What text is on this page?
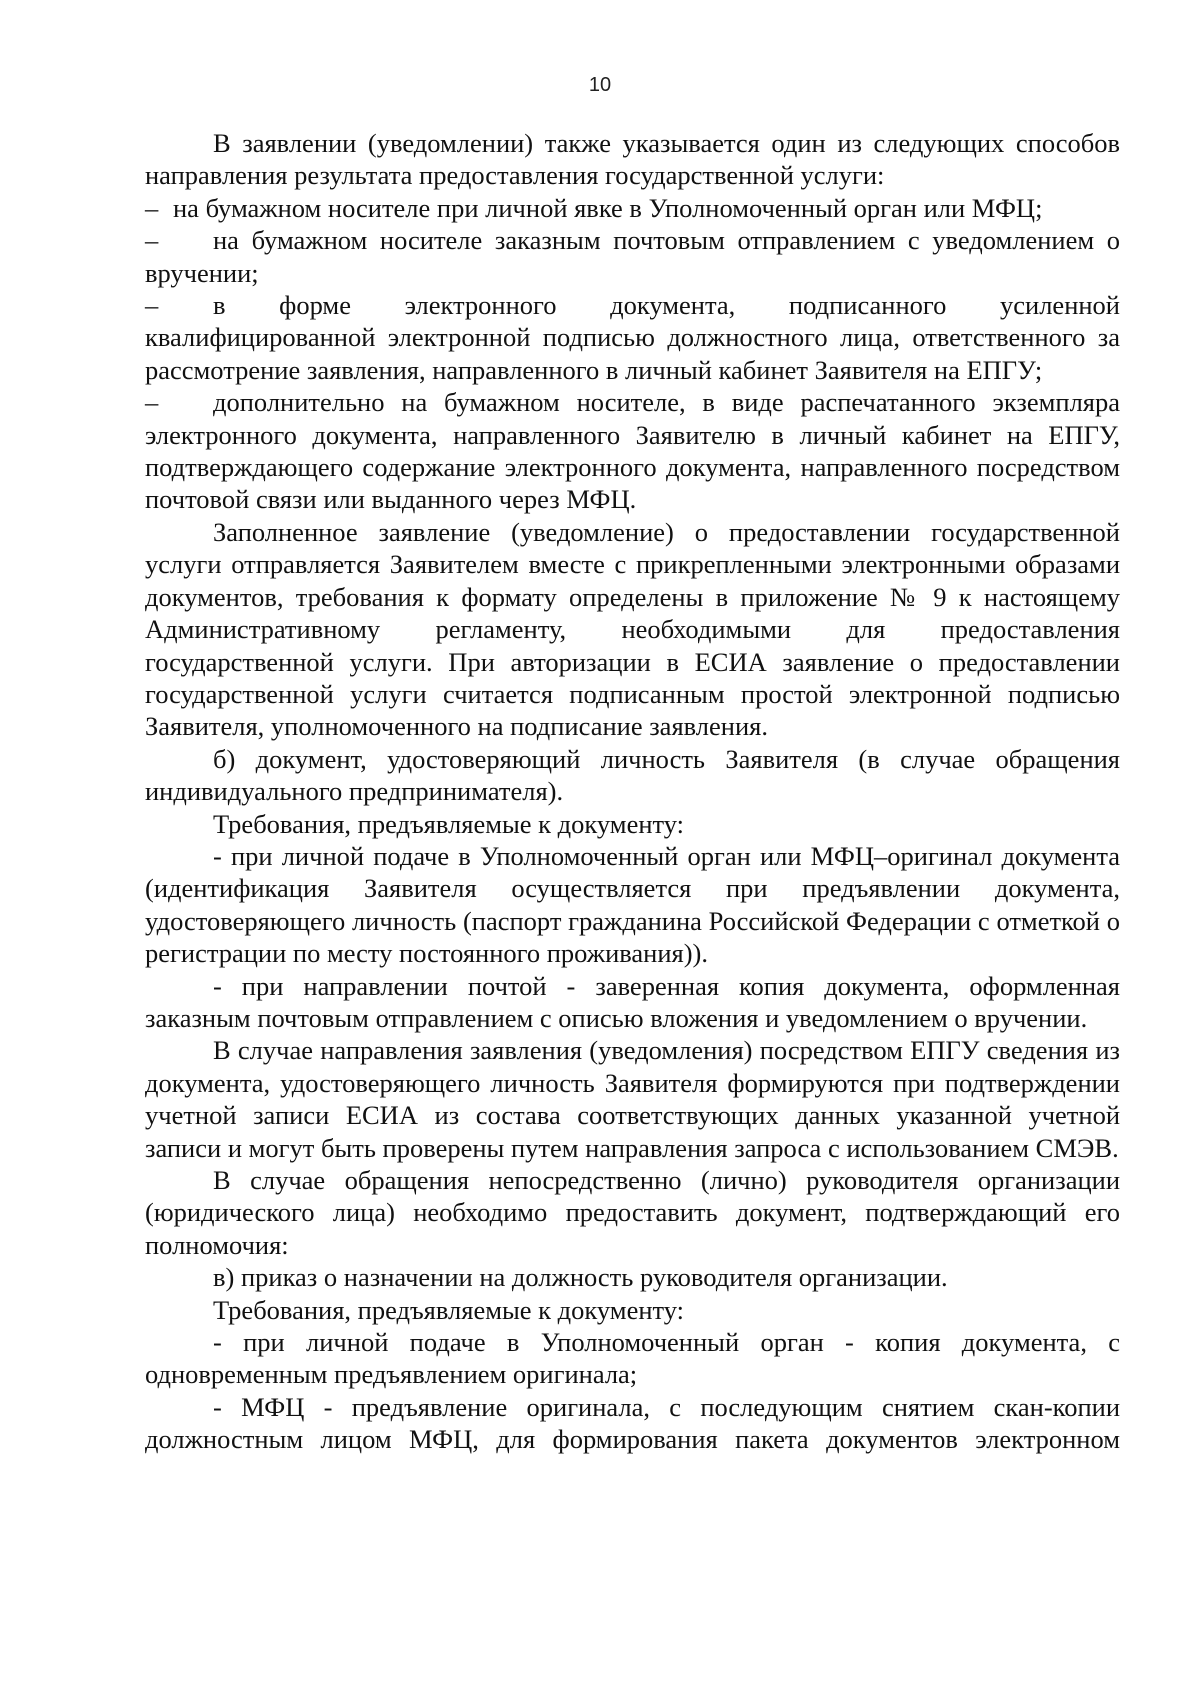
10

В заявлении (уведомлении) также указывается один из следующих способов направления результата предоставления государственной услуги:

– на бумажном носителе при личной явке в Уполномоченный орган или МФЦ;

– на бумажном носителе заказным почтовым отправлением с уведомлением о вручении;

– в форме электронного документа, подписанного усиленной квалифицированной электронной подписью должностного лица, ответственного за рассмотрение заявления, направленного в личный кабинет Заявителя на ЕПГУ;

– дополнительно на бумажном носителе, в виде распечатанного экземпляра электронного документа, направленного Заявителю в личный кабинет на ЕПГУ, подтверждающего содержание электронного документа, направленного посредством почтовой связи или выданного через МФЦ.

Заполненное заявление (уведомление) о предоставлении государственной услуги отправляется Заявителем вместе с прикрепленными электронными образами документов, требования к формату определены в приложение № 9 к настоящему Административному регламенту, необходимыми для предоставления государственной услуги. При авторизации в ЕСИА заявление о предоставлении государственной услуги считается подписанным простой электронной подписью Заявителя, уполномоченного на подписание заявления.

б) документ, удостоверяющий личность Заявителя (в случае обращения индивидуального предпринимателя).

Требования, предъявляемые к документу:

- при личной подаче в Уполномоченный орган или МФЦ–оригинал документа (идентификация Заявителя осуществляется при предъявлении документа, удостоверяющего личность (паспорт гражданина Российской Федерации с отметкой о регистрации по месту постоянного проживания)).

- при направлении почтой - заверенная копия документа, оформленная заказным почтовым отправлением с описью вложения и уведомлением о вручении.

В случае направления заявления (уведомления) посредством ЕПГУ сведения из документа, удостоверяющего личность Заявителя формируются при подтверждении учетной записи ЕСИА из состава соответствующих данных указанной учетной записи и могут быть проверены путем направления запроса с использованием СМЭВ.

В случае обращения непосредственно (лично) руководителя организации (юридического лица) необходимо предоставить документ, подтверждающий его полномочия:

в) приказ о назначении на должность руководителя организации.

Требования, предъявляемые к документу:

- при личной подаче в Уполномоченный орган - копия документа, с одновременным предъявлением оригинала;

- МФЦ - предъявление оригинала, с последующим снятием скан-копии должностным лицом МФЦ, для формирования пакета документов электронном
